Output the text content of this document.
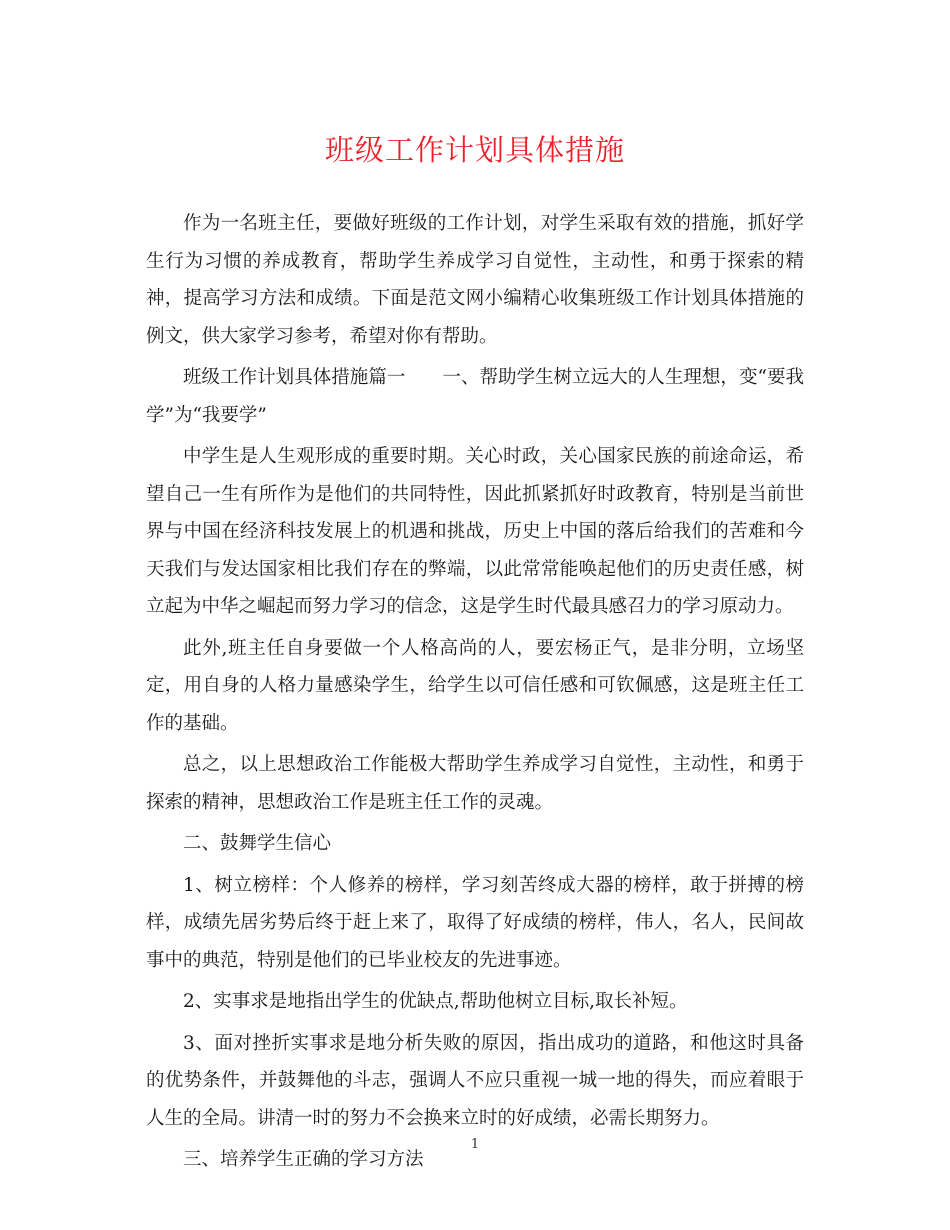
班级工作计划具体措施

作为一名班主任，要做好班级的工作计划，对学生采取有效的措施，抓好学生行为习惯的养成教育，帮助学生养成学习自觉性，主动性，和勇于探索的精神，提高学习方法和成绩。下面是范文网小编精心收集班级工作计划具体措施的例文，供大家学习参考，希望对你有帮助。

班级工作计划具体措施篇一　　一、帮助学生树立远大的人生理想，变“要我学”为“我要学”

中学生是人生观形成的重要时期。关心时政，关心国家民族的前途命运，希望自己一生有所作为是他们的共同特性，因此抓紧抓好时政教育，特别是当前世界与中国在经济科技发展上的机遇和挑战，历史上中国的落后给我们的苦难和今天我们与发达国家相比我们存在的弊端，以此常常能唤起他们的历史责任感，树立起为中华之崛起而努力学习的信念，这是学生时代最具感召力的学习原动力。

此外,班主任自身要做一个人格高尚的人，要宏杨正气，是非分明，立场坚定，用自身的人格力量感染学生，给学生以可信任感和可钦佩感，这是班主任工作的基础。

总之，以上思想政治工作能极大帮助学生养成学习自觉性，主动性，和勇于探索的精神，思想政治工作是班主任工作的灵魂。

二、鼓舞学生信心

1、树立榜样：个人修养的榜样，学习刻苦终成大器的榜样，敢于拼搏的榜样，成绩先居劣势后终于赶上来了，取得了好成绩的榜样，伟人，名人，民间故事中的典范，特别是他们的已毕业校友的先进事迹。

2、实事求是地指出学生的优缺点,帮助他树立目标,取长补短。

3、面对挫折实事求是地分析失败的原因，指出成功的道路，和他这时具备的优势条件，并鼓舞他的斗志，强调人不应只重视一城一地的得失，而应着眼于人生的全局。讲清一时的努力不会换来立时的好成绩，必需长期努力。

三、培养学生正确的学习方法

1
